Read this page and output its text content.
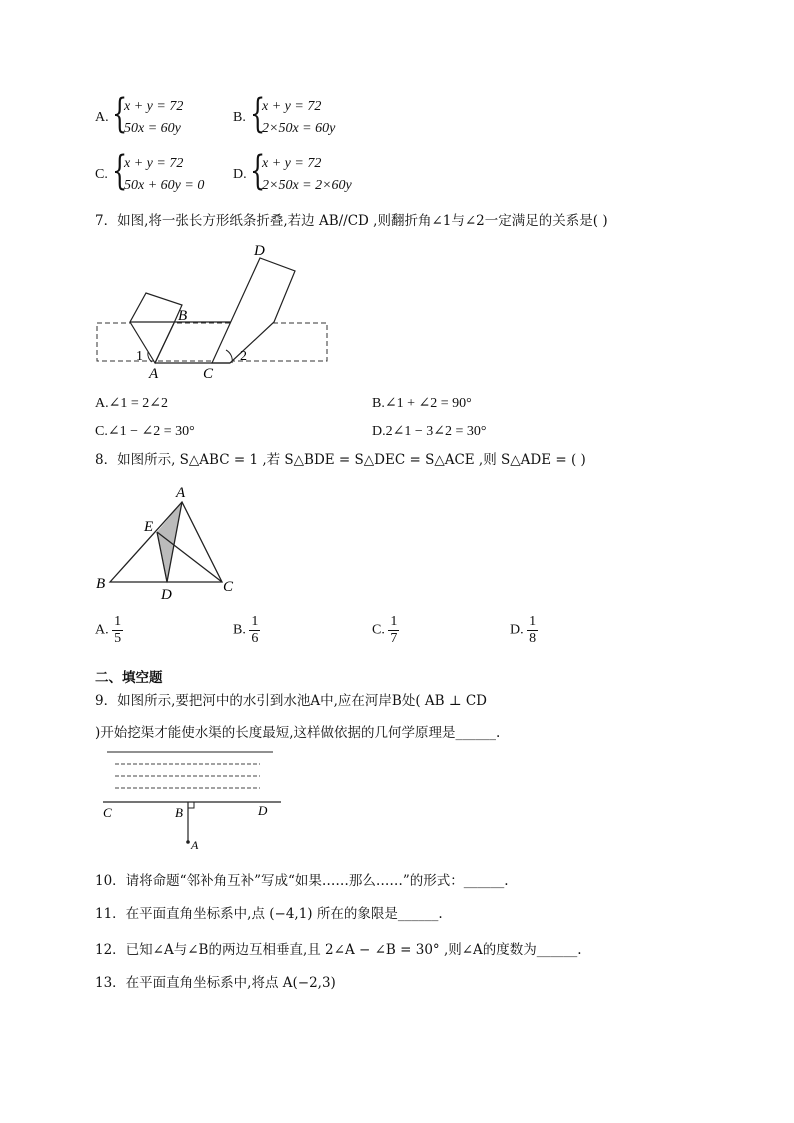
A. {
x + y = 72
50x = 60y
B. {
x + y = 72
2×50x = 60y
C. {
x + y = 72
50x + 60y = 0
D. {
x + y = 72
2×50x = 2×60y
7．如图,将一张长方形纸条折叠,若边 AB//CD ,则翻折角∠1与∠2一定满足的关系是( )
D
B
A	C
1	2
A.∠1 = 2∠2	B.∠1 + ∠2 = 90°
C.∠1 − ∠2 = 30°	D.2∠1 − 3∠2 = 30°
8．如图所示, S△ABC = 1 ,若 S△BDE = S△DEC = S△ACE ,则 S△ADE = ( )
A
E
B
D	C
A. $\frac{1}{5}$	B. $\frac{1}{6}$	C. $\frac{1}{7}$	D. $\frac{1}{8}$
二、填空题
9．如图所示,要把河中的水引到水池A中,应在河岸B处( AB ⊥ CD
)开始挖渠才能使水渠的长度最短,这样做依据的几何学原理是______.
C	B	D
A
10．请将命题“邻补角互补”写成“如果……那么……”的形式：______.
11．在平面直角坐标系中,点 (−4,1) 所在的象限是______.
12．已知∠A与∠B的两边互相垂直,且 2∠A − ∠B = 30° ,则∠A的度数为______.
13．在平面直角坐标系中,将点 A(−2,3)
